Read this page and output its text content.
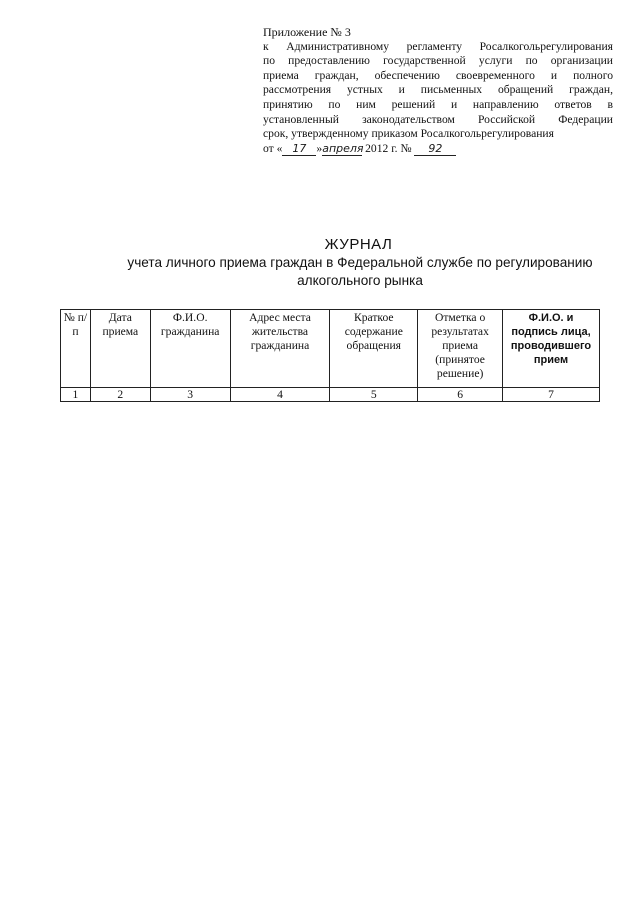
Приложение № 3
к Административному регламенту Росалкогольрегулирования
по предоставлению государственной услуги по организации
приема граждан, обеспечению своевременного и полного
рассмотрения устных и письменных обращений граждан,
принятию по ним решений и направлению ответов в
установленный законодательством Российской Федерации
срок, утвержденному приказом Росалкогольрегулирования
от « 17 »апреля 2012 г. № 92
ЖУРНАЛ
учета личного приема граждан в Федеральной службе по регулированию
алкогольного рынка
№ п/п	Дата приема	Ф.И.О. гражданина	Адрес места жительства гражданина	Краткое содержание обращения	Отметка о результатах приема (принятое решение)	Ф.И.О. и подпись лица, проводившего прием
1	2	3	4	5	6	7
